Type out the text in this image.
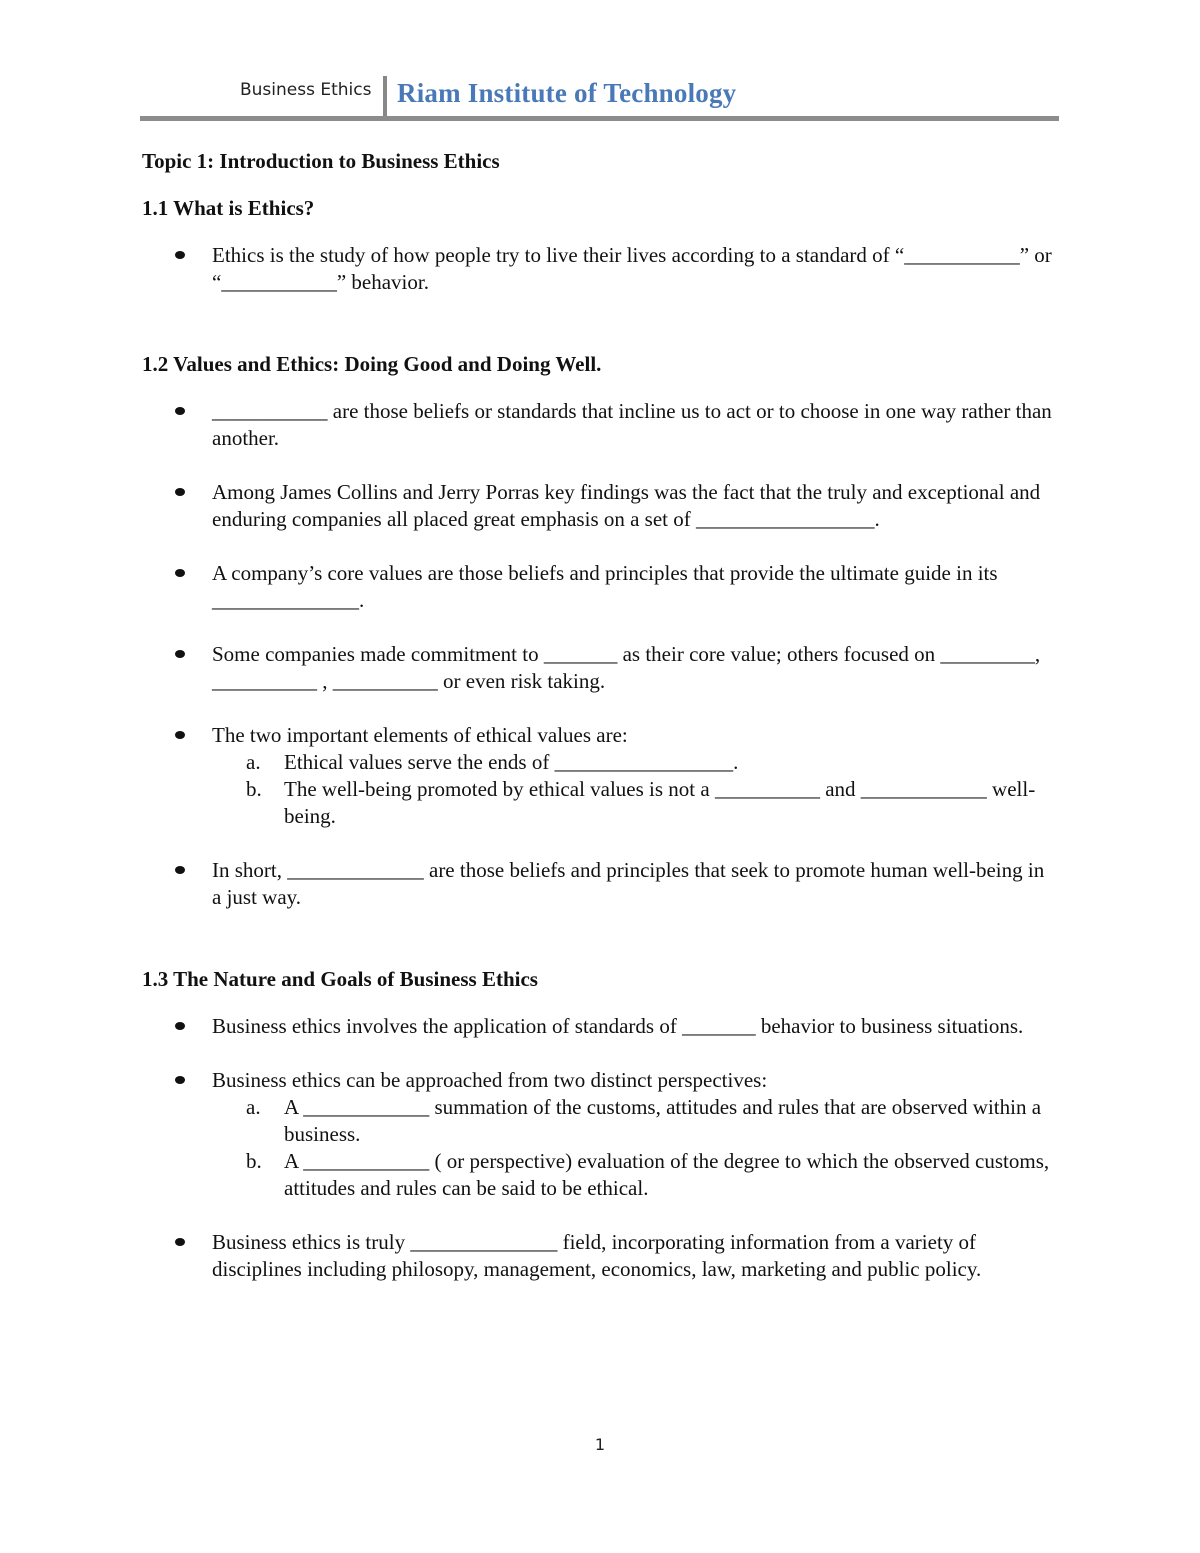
Business Ethics Riam Institute of Technology

Topic 1: Introduction to Business Ethics

1.1 What is Ethics?

Ethics is the study of how people try to live their lives according to a standard of “___________” or “___________” behavior.

1.2 Values and Ethics: Doing Good and Doing Well.

___________ are those beliefs or standards that incline us to act or to choose in one way rather than another.
Among James Collins and Jerry Porras key findings was the fact that the truly and exceptional and enduring companies all placed great emphasis on a set of _________________.
A company’s core values are those beliefs and principles that provide the ultimate guide in its ______________.
Some companies made commitment to _______ as their core value; others focused on _________, __________ , __________ or even risk taking.
The two important elements of ethical values are:
a. Ethical values serve the ends of _________________.
b. The well-being promoted by ethical values is not a __________ and ____________ well-being.
In short, _____________ are those beliefs and principles that seek to promote human well-being in a just way.

1.3 The Nature and Goals of Business Ethics

Business ethics involves the application of standards of _______ behavior to business situations.
Business ethics can be approached from two distinct perspectives:
a. A ____________ summation of the customs, attitudes and rules that are observed within a business.
b. A ____________ ( or perspective) evaluation of the degree to which the observed customs, attitudes and rules can be said to be ethical.
Business ethics is truly ______________ field, incorporating information from a variety of disciplines including philosopy, management, economics, law, marketing and public policy.
1
